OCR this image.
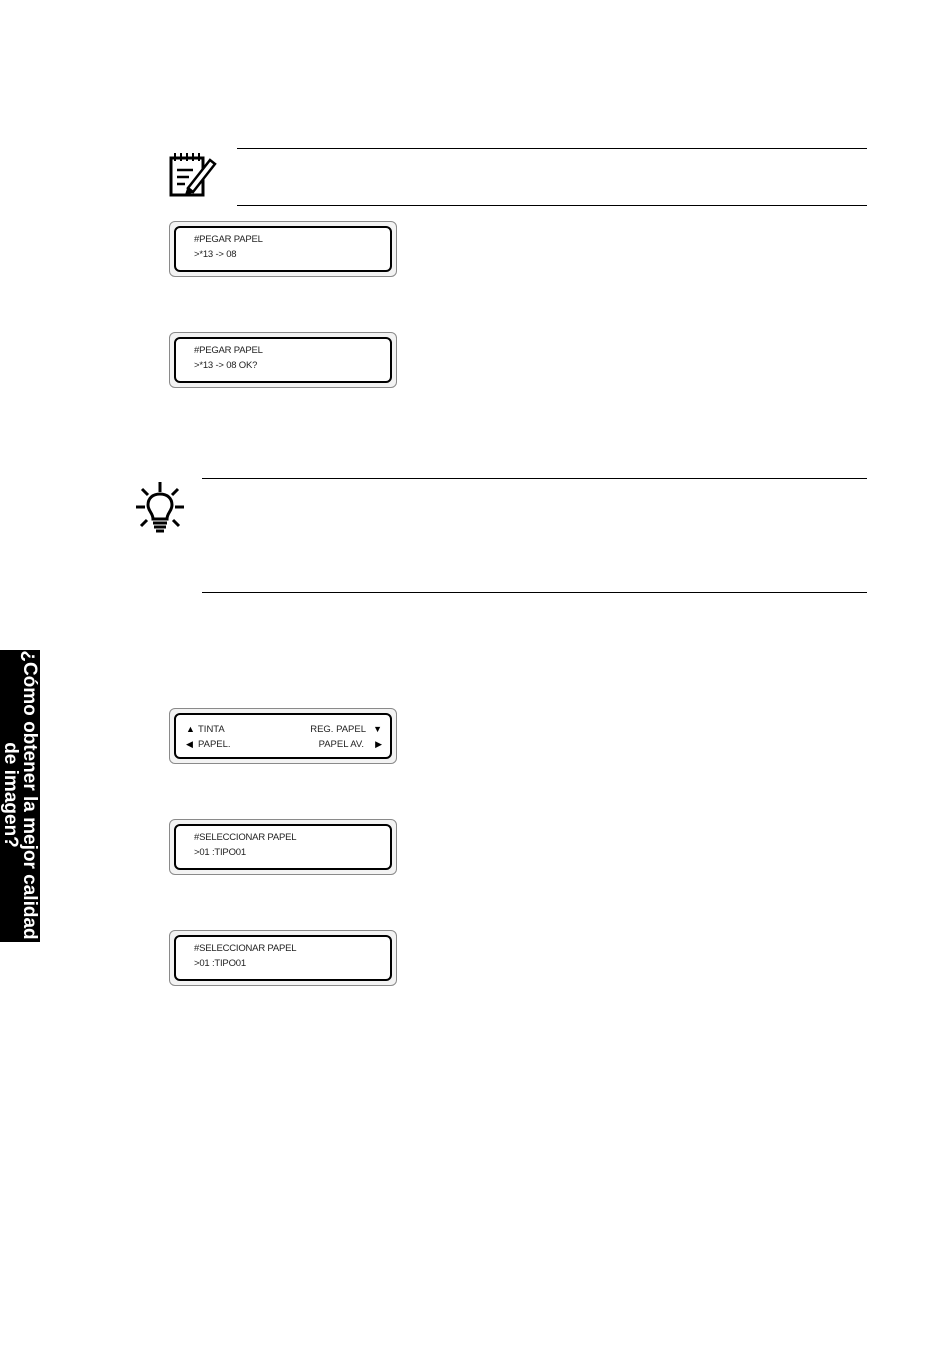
#PEGAR PAPEL
>*13 -> 08
#PEGAR PAPEL
>*13 -> 08 OK?
▲ TINTA	REG. PAPEL ▼
◀ PAPEL.	PAPEL AV. ▶
#SELECCIONAR PAPEL
>01 :TIPO01
#SELECCIONAR PAPEL
>01 :TIPO01
¿Cómo obtener la mejor calidad
de imagen?
